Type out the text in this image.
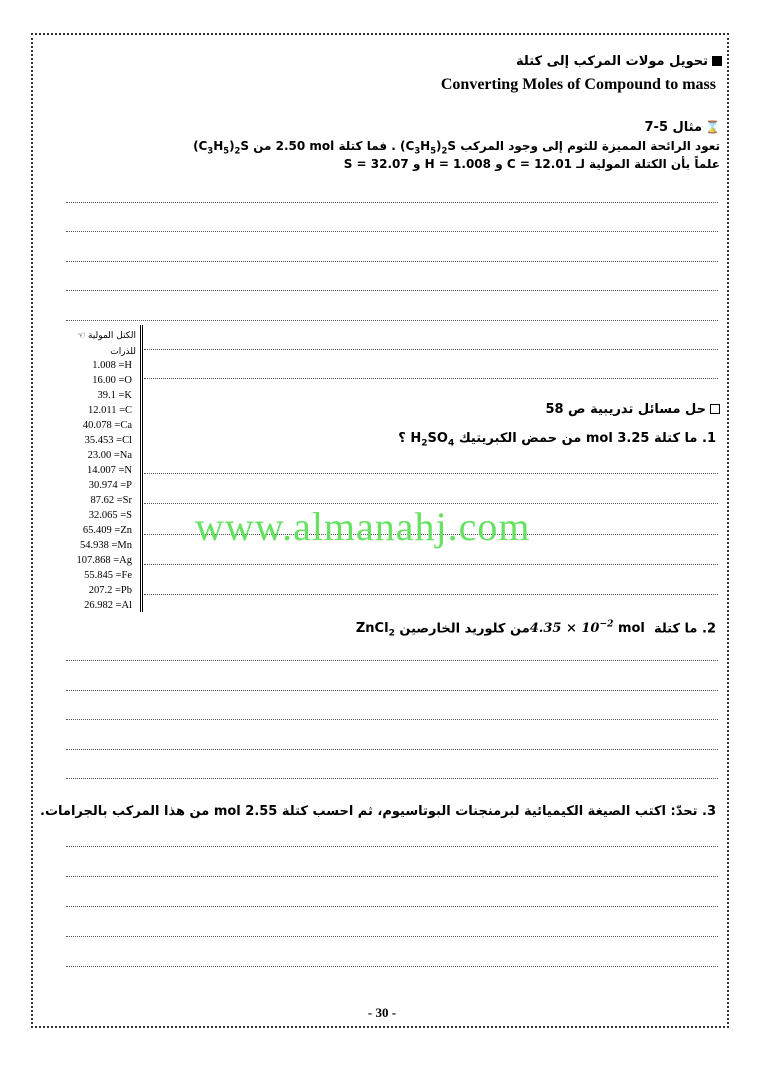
تحويل مولات المركب إلى كتلة
Converting Moles of Compound to mass
⌛مثال 5-7
تعود الرائحة المميزة للثوم إلى وجود المركب $(C_3H_5)_2S$ . فما كتلة 2.50 mol من $(C_3H_5)_2S$
علماً بأن الكتلة المولية لـ C = 12.01 و H = 1.008 و S = 32.07
☜ الكتل المولية
للذرات
1.008 =H
16.00 =O
39.1 =K
12.011 =C
40.078 =Ca
35.453 =Cl
23.00 =Na
14.007 =N
30.974 =P
87.62 =Sr
32.065 =S
65.409 =Zn
54.938 =Mn
107.868 =Ag
55.845 =Fe
207.2 =Pb
26.982 =Al
حل مسائل تدريبية ص 58
1. ما كتلة 3.25 mol من حمض الكبريتيك $H_2SO_4$ ؟
www.almanahj.com
2. ما كتلة $4.35 \times 10^{-2}$ mol من كلوريد الخارصين ZnCl$_2$
3. تحدّ: اكتب الصيغة الكيميائية لبرمنجنات البوتاسيوم، ثم احسب كتلة 2.55 mol من هذا المركب بالجرامات.
- 30 -
